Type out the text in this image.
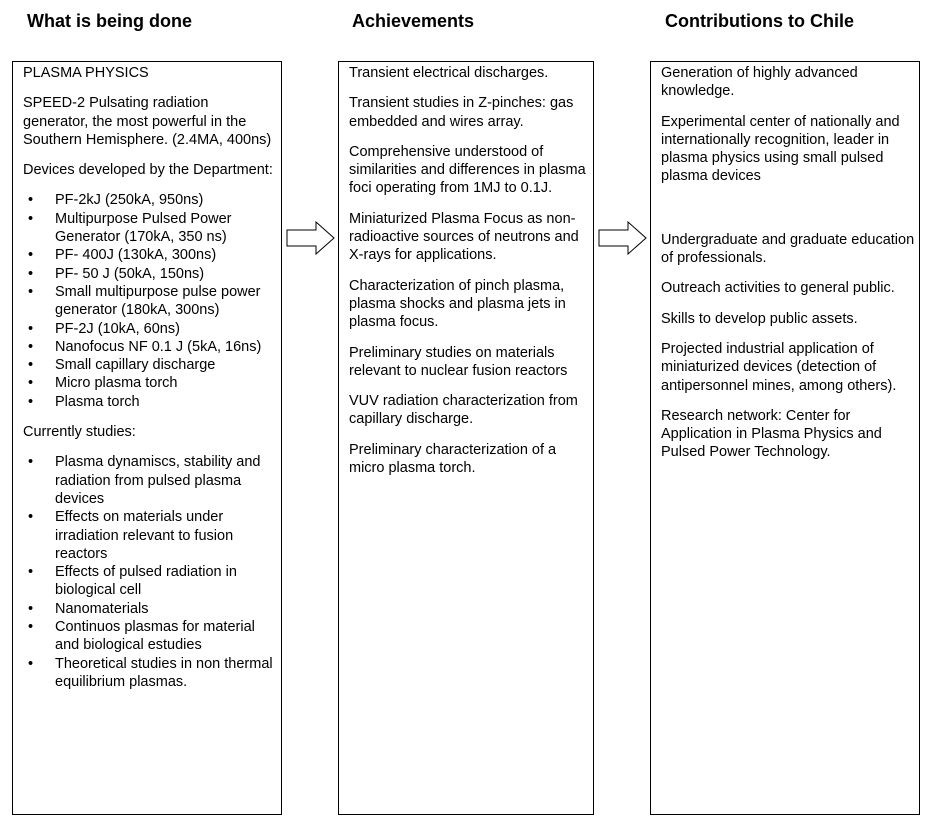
What is being done	Achievements	Contributions to Chile

PLASMA PHYSICS

SPEED-2 Pulsating radiation generator, the most powerful in the Southern Hemisphere. (2.4MA, 400ns)

Devices developed by the Department:

• PF-2kJ (250kA, 950ns)
• Multipurpose Pulsed Power Generator (170kA, 350 ns)
• PF- 400J (130kA, 300ns)
• PF- 50 J (50kA, 150ns)
• Small multipurpose pulse power generator (180kA, 300ns)
• PF-2J (10kA, 60ns)
• Nanofocus NF 0.1 J (5kA, 16ns)
• Small capillary discharge
• Micro plasma torch
• Plasma torch

Currently studies:

• Plasma dynamiscs, stability and radiation from pulsed plasma devices
• Effects on materials under irradiation relevant to fusion reactors
• Effects of pulsed radiation in biological cell
• Nanomaterials
• Continuos plasmas for material and biological estudies
• Theoretical studies in non thermal equilibrium plasmas.

Transient electrical discharges.

Transient studies in Z-pinches: gas embedded and wires array.

Comprehensive understood of similarities and differences in plasma foci operating from 1MJ to 0.1J.

Miniaturized Plasma Focus as non-radioactive sources of neutrons and X-rays for applications.

Characterization of pinch plasma, plasma shocks and plasma jets in plasma focus.

Preliminary studies on materials relevant to nuclear fusion reactors

VUV radiation characterization from capillary discharge.

Preliminary characterization of a micro plasma torch.

Generation of highly advanced knowledge.

Experimental center of nationally and internationally recognition, leader in plasma physics using small pulsed plasma devices

Undergraduate and graduate education of professionals.

Outreach activities to general public.

Skills to develop public assets.

Projected industrial application of miniaturized devices (detection of antipersonnel mines, among others).

Research network: Center for Application in Plasma Physics and Pulsed Power Technology.
